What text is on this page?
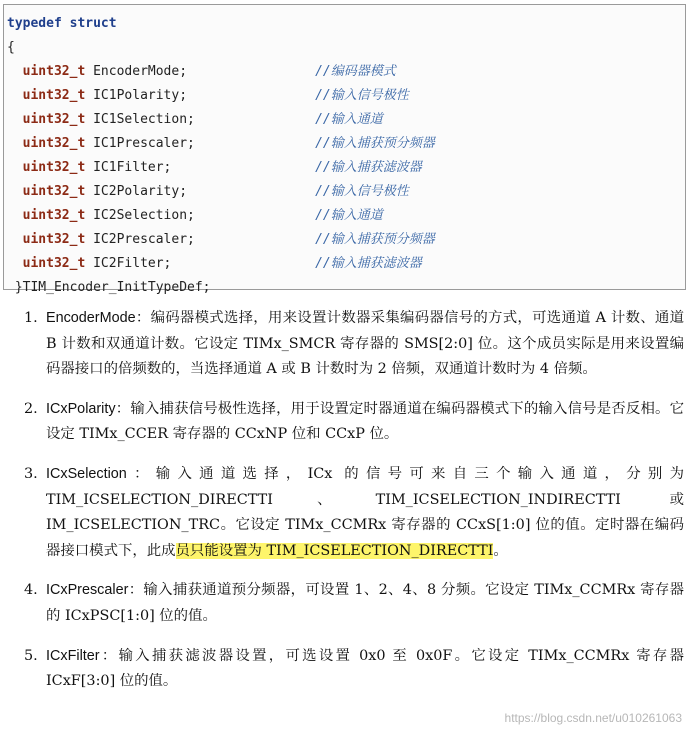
typedef struct
{
uint32_t EncoderMode;	//编码器模式
uint32_t IC1Polarity;	//输入信号极性
uint32_t IC1Selection;	//输入通道
uint32_t IC1Prescaler;	//输入捕获预分频器
uint32_t IC1Filter;	//输入捕获滤波器
uint32_t IC2Polarity;	//输入信号极性
uint32_t IC2Selection;	//输入通道
uint32_t IC2Prescaler;	//输入捕获预分频器
uint32_t IC2Filter;	//输入捕获滤波器
}TIM_Encoder_InitTypeDef;
1. EncoderMode：编码器模式选择，用来设置计数器采集编码器信号的方式，可选通道 A 计数、通道 B 计数和双通道计数。它设定 TIMx_SMCR 寄存器的 SMS[2:0] 位。这个成员实际是用来设置编码器接口的倍频数的，当选择通道 A 或 B 计数时为 2 倍频，双通道计数时为 4 倍频。
2. ICxPolarity：输入捕获信号极性选择，用于设置定时器通道在编码器模式下的输入信号是否反相。它设定 TIMx_CCER 寄存器的 CCxNP 位和 CCxP 位。
3. ICxSelection：输入通道选择，ICx 的信号可来自三个输入通道，分别为 TIM_ICSELECTION_DIRECTTI、TIM_ICSELECTION_INDIRECTTI 或 IM_ICSELECTION_TRC。它设定 TIMx_CCMRx 寄存器的 CCxS[1:0] 位的值。定时器在编码器接口模式下，此成员只能设置为 TIM_ICSELECTION_DIRECTTI。
4. ICxPrescaler：输入捕获通道预分频器，可设置 1、2、4、8 分频。它设定 TIMx_CCMRx 寄存器的 ICxPSC[1:0] 位的值。
5. ICxFilter：输入捕获滤波器设置，可选设置 0x0 至 0x0F。它设定 TIMx_CCMRx 寄存器 ICxF[3:0] 位的值。
https://blog.csdn.net/u010261063
